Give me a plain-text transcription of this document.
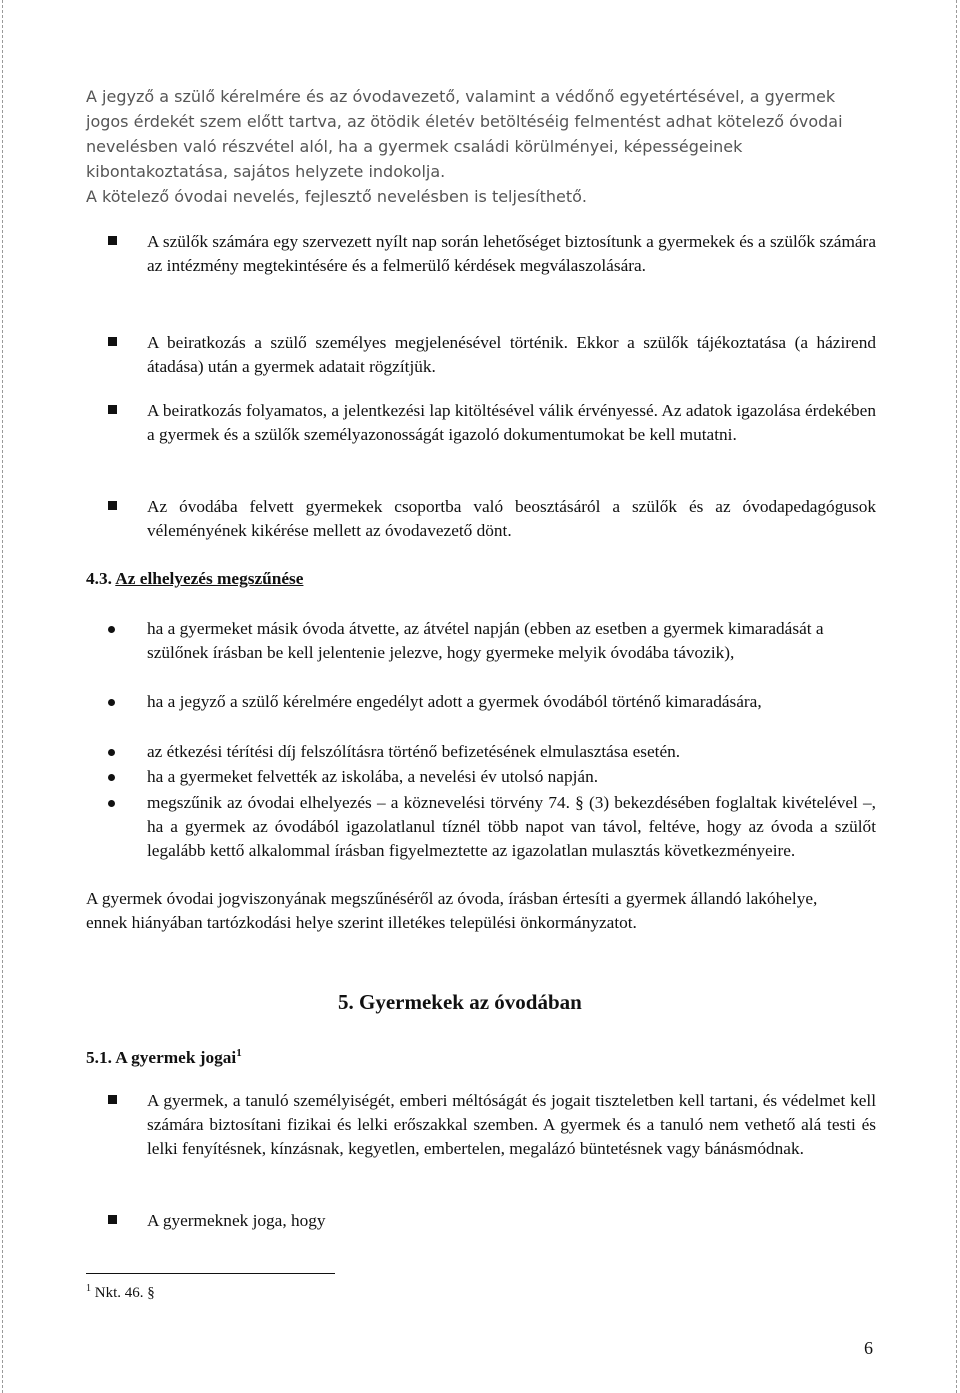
A jegyző a szülő kérelmére és az óvodavezető, valamint a védőnő egyetértésével, a gyermek jogos érdekét szem előtt tartva, az ötödik életév betöltéséig felmentést adhat kötelező óvodai nevelésben való részvétel alól, ha a gyermek családi körülményei, képességeinek kibontakoztatása, sajátos helyzete indokolja.
A kötelező óvodai nevelés, fejlesztő nevelésben is teljesíthető.
A szülők számára egy szervezett nyílt nap során lehetőséget biztosítunk a gyermekek és a szülők számára az intézmény megtekintésére és a felmerülő kérdések megválaszolására.
A beiratkozás a szülő személyes megjelenésével történik. Ekkor a szülők tájékoztatása (a házirend átadása) után a gyermek adatait rögzítjük.
A beiratkozás folyamatos, a jelentkezési lap kitöltésével válik érvényessé. Az adatok igazolása érdekében a gyermek és a szülők személyazonosságát igazoló dokumentumokat be kell mutatni.
Az óvodába felvett gyermekek csoportba való beosztásáról a szülők és az óvodapedagógusok véleményének kikérése mellett az óvodavezető dönt.
4.3. Az elhelyezés megszűnése
ha a gyermeket másik óvoda átvette, az átvétel napján (ebben az esetben a gyermek kimaradását a szülőnek írásban be kell jelentenie jelezve, hogy gyermeke melyik óvodába távozik),
ha a jegyző a szülő kérelmére engedélyt adott a gyermek óvodából történő kimaradására,
az étkezési térítési díj felszólításra történő befizetésének elmulasztása esetén.
ha a gyermeket felvették az iskolába, a nevelési év utolsó napján.
megszűnik az óvodai elhelyezés – a köznevelési törvény 74. § (3) bekezdésében foglaltak kivételével –, ha a gyermek az óvodából igazolatlanul tíznél több napot van távol, feltéve, hogy az óvoda a szülőt legalább kettő alkalommal írásban figyelmeztette az igazolatlan mulasztás következményeire.
A gyermek óvodai jogviszonyának megszűnéséről az óvoda, írásban értesíti a gyermek állandó lakóhelye, ennek hiányában tartózkodási helye szerint illetékes települési önkormányzatot.
5. Gyermekek az óvodában
5.1. A gyermek jogai$^1$
A gyermek, a tanuló személyiségét, emberi méltóságát és jogait tiszteletben kell tartani, és védelmet kell számára biztosítani fizikai és lelki erőszakkal szemben. A gyermek és a tanuló nem vethető alá testi és lelki fenyítésnek, kínzásnak, kegyetlen, embertelen, megalázó büntetésnek vagy bánásmódnak.
A gyermeknek joga, hogy
$^1$ Nkt. 46. §
6
